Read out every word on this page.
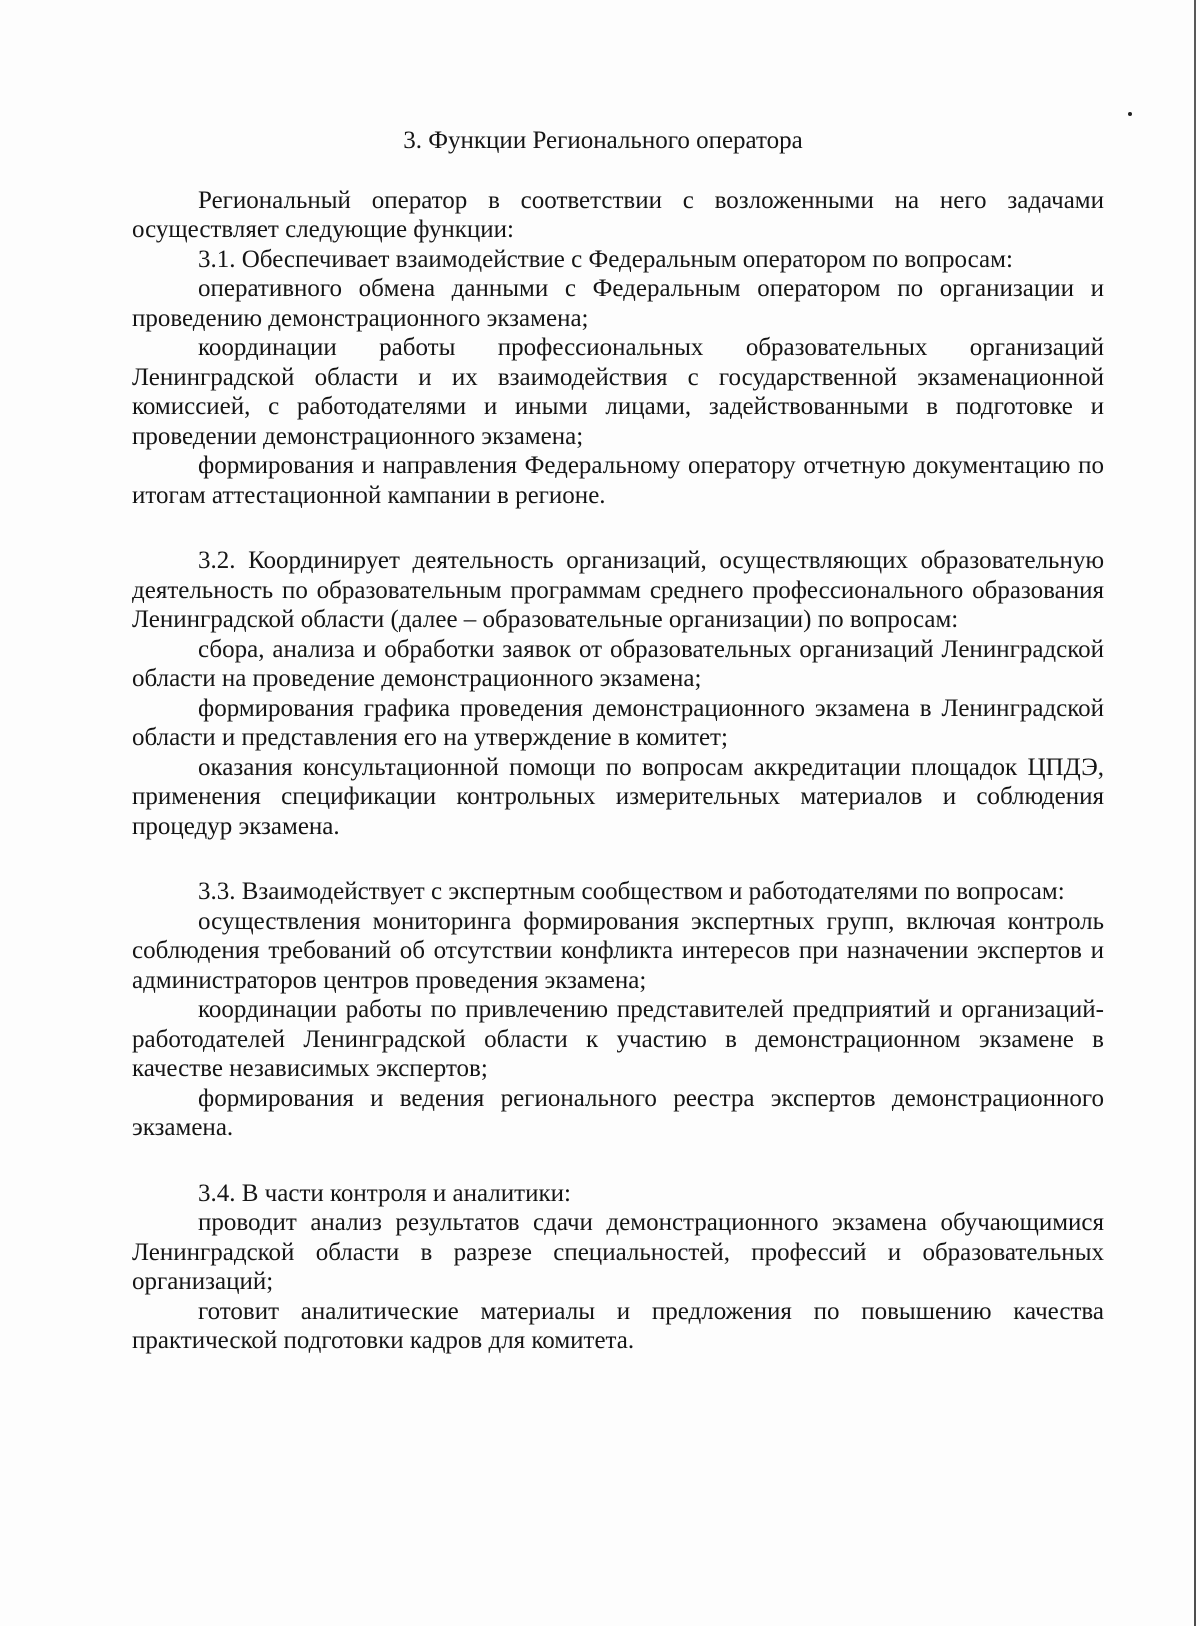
3. Функции Регионального оператора

Региональный оператор в соответствии с возложенными на него задачами осуществляет следующие функции:

3.1. Обеспечивает взаимодействие с Федеральным оператором по вопросам:

оперативного обмена данными с Федеральным оператором по организации и проведению демонстрационного экзамена;

координации работы профессиональных образовательных организаций Ленинградской области и их взаимодействия с государственной экзаменационной комиссией, с работодателями и иными лицами, задействованными в подготовке и проведении демонстрационного экзамена;

формирования и направления Федеральному оператору отчетную документацию по итогам аттестационной кампании в регионе.

3.2. Координирует деятельность организаций, осуществляющих образовательную деятельность по образовательным программам среднего профессионального образования Ленинградской области (далее – образовательные организации) по вопросам:

сбора, анализа и обработки заявок от образовательных организаций Ленинградской области на проведение демонстрационного экзамена;

формирования графика проведения демонстрационного экзамена в Ленинградской области и представления его на утверждение в комитет;

оказания консультационной помощи по вопросам аккредитации площадок ЦПДЭ, применения спецификации контрольных измерительных материалов и соблюдения процедур экзамена.

3.3. Взаимодействует с экспертным сообществом и работодателями по вопросам:

осуществления мониторинга формирования экспертных групп, включая контроль соблюдения требований об отсутствии конфликта интересов при назначении экспертов и администраторов центров проведения экзамена;

координации работы по привлечению представителей предприятий и организаций-работодателей Ленинградской области к участию в демонстрационном экзамене в качестве независимых экспертов;

формирования и ведения регионального реестра экспертов демонстрационного экзамена.

3.4. В части контроля и аналитики:

проводит анализ результатов сдачи демонстрационного экзамена обучающимися Ленинградской области в разрезе специальностей, профессий и образовательных организаций;

готовит аналитические материалы и предложения по повышению качества практической подготовки кадров для комитета.
